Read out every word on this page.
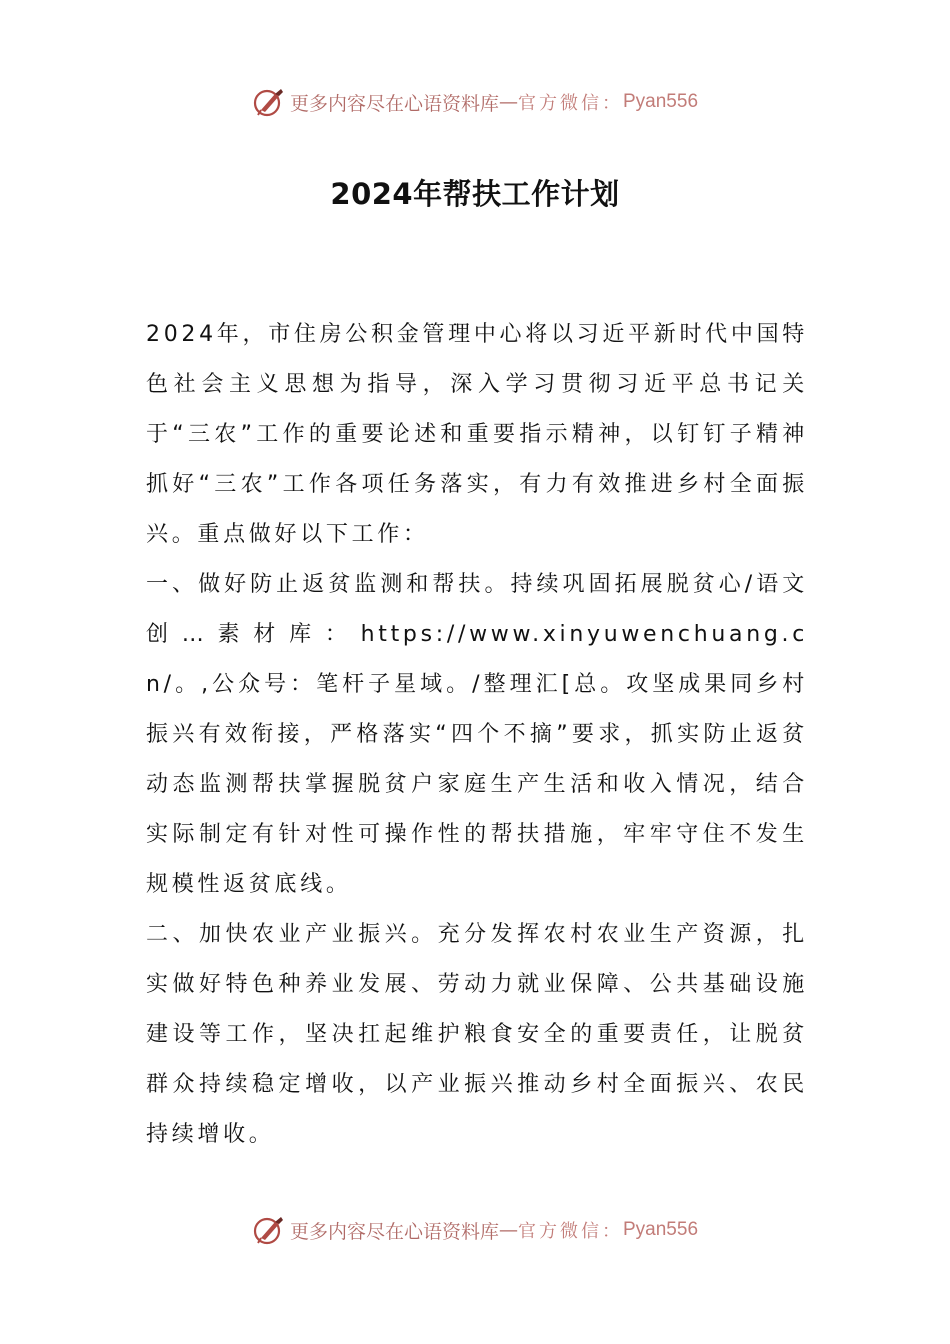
更多内容尽在心语资料库 — 官方微信： Pyan556
2024年帮扶工作计划

2024年，市住房公积金管理中心将以习近平新时代中国特色社会主义思想为指导，深入学习贯彻习近平总书记关于“三农”工作的重要论述和重要指示精神，以钉钉子精神抓好“三农”工作各项任务落实，有力有效推进乡村全面振兴。重点做好以下工作：

一、做好防止返贫监测和帮扶。持续巩固拓展脱贫心/语文创…素材库：https://www.xinyuwenchuang.cn/。,公众号：笔杆子星域。/整理汇[总。攻坚成果同乡村振兴有效衔接，严格落实“四个不摘”要求，抓实防止返贫动态监测帮扶掌握脱贫户家庭生产生活和收入情况，结合实际制定有针对性可操作性的帮扶措施，牢牢守住不发生规模性返贫底线。

二、加快农业产业振兴。充分发挥农村农业生产资源，扎实做好特色种养业发展、劳动力就业保障、公共基础设施建设等工作，坚决扛起维护粮食安全的重要责任，让脱贫群众持续稳定增收，以产业振兴推动乡村全面振兴、农民持续增收。

更多内容尽在心语资料库 — 官方微信： Pyan556
